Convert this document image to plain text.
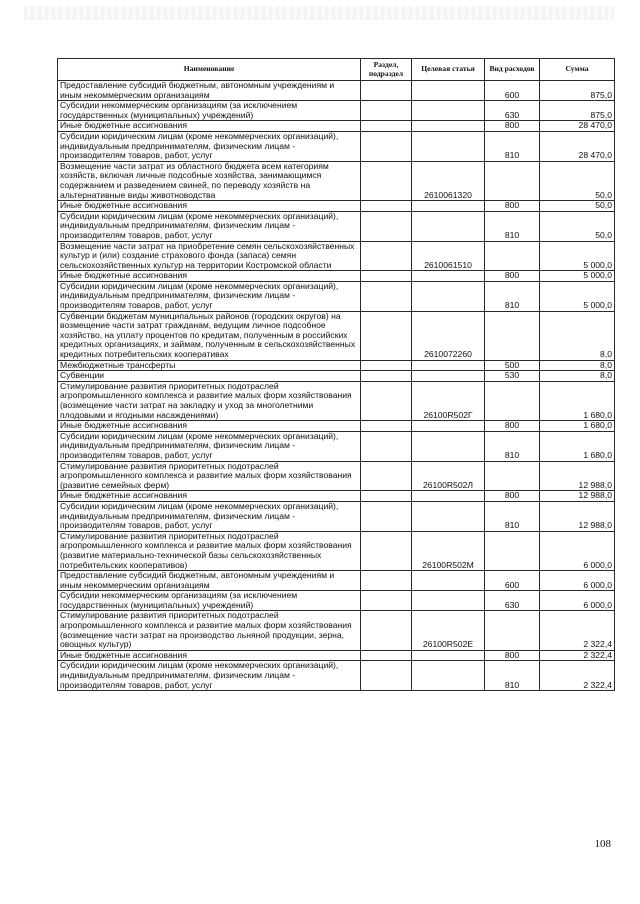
Наименование	Раздел, подраздел	Целевая статья	Вид расходов	Сумма
Предоставление субсидий бюджетным, автономным учреждениям и иным некоммерческим организациям			600	875,0
Субсидии некоммерческим организациям (за исключением государственных (муниципальных) учреждений)			630	875,0
Иные бюджетные ассигнования			800	28 470,0
Субсидии юридическим лицам (кроме некоммерческих организаций), индивидуальным предпринимателям, физическим лицам - производителям товаров, работ, услуг			810	28 470,0
Возмещение части затрат из областного бюджета всем категориям хозяйств, включая личные подсобные хозяйства, занимающимся содержанием и разведением свиней, по переводу хозяйств на альтернативные виды животноводства		2610061320		50,0
Иные бюджетные ассигнования			800	50,0
Субсидии юридическим лицам (кроме некоммерческих организаций), индивидуальным предпринимателям, физическим лицам - производителям товаров, работ, услуг			810	50,0
Возмещение части затрат на приобретение семян сельскохозяйственных культур и (или) создание страхового фонда (запаса) семян сельскохозяйственных культур на территории Костромской области		2610061510		5 000,0
Иные бюджетные ассигнования			800	5 000,0
Субсидии юридическим лицам (кроме некоммерческих организаций), индивидуальным предпринимателям, физическим лицам - производителям товаров, работ, услуг			810	5 000,0
Субвенции бюджетам муниципальных районов (городских округов) на возмещение части затрат гражданам, ведущим личное подсобное хозяйство, на уплату процентов по кредитам, полученным в российских кредитных организациях, и займам, полученным в сельскохозяйственных кредитных потребительских кооперативах		2610072260		8,0
Межбюджетные трансферты			500	8,0
Субвенции			530	8,0
Стимулирование развития приоритетных подотраслей агропромышленного комплекса и развитие малых форм хозяйствования (возмещение части затрат на закладку и уход за многолетними плодовыми и ягодными насаждениями)		26100R502Г		1 680,0
Иные бюджетные ассигнования			800	1 680,0
Субсидии юридическим лицам (кроме некоммерческих организаций), индивидуальным предпринимателям, физическим лицам - производителям товаров, работ, услуг			810	1 680,0
Стимулирование развития приоритетных подотраслей агропромышленного комплекса и развитие малых форм хозяйствования (развитие семейных ферм)		26100R502Л		12 988,0
Иные бюджетные ассигнования			800	12 988,0
Субсидии юридическим лицам (кроме некоммерческих организаций), индивидуальным предпринимателям, физическим лицам - производителям товаров, работ, услуг			810	12 988,0
Стимулирование развития приоритетных подотраслей агропромышленного комплекса и развитие малых форм хозяйствования (развитие материально-технической базы сельскохозяйственных потребительских кооперативов)		26100R502М		6 000,0
Предоставление субсидий бюджетным, автономным учреждениям и иным некоммерческим организациям			600	6 000,0
Субсидии некоммерческим организациям (за исключением государственных (муниципальных) учреждений)			630	6 000,0
Стимулирование развития приоритетных подотраслей агропромышленного комплекса и развитие малых форм хозяйствования (возмещение части затрат на производство льняной продукции, зерна, овощных культур)		26100R502Е		2 322,4
Иные бюджетные ассигнования			800	2 322,4
Субсидии юридическим лицам (кроме некоммерческих организаций), индивидуальным предпринимателям, физическим лицам - производителям товаров, работ, услуг			810	2 322,4
108
